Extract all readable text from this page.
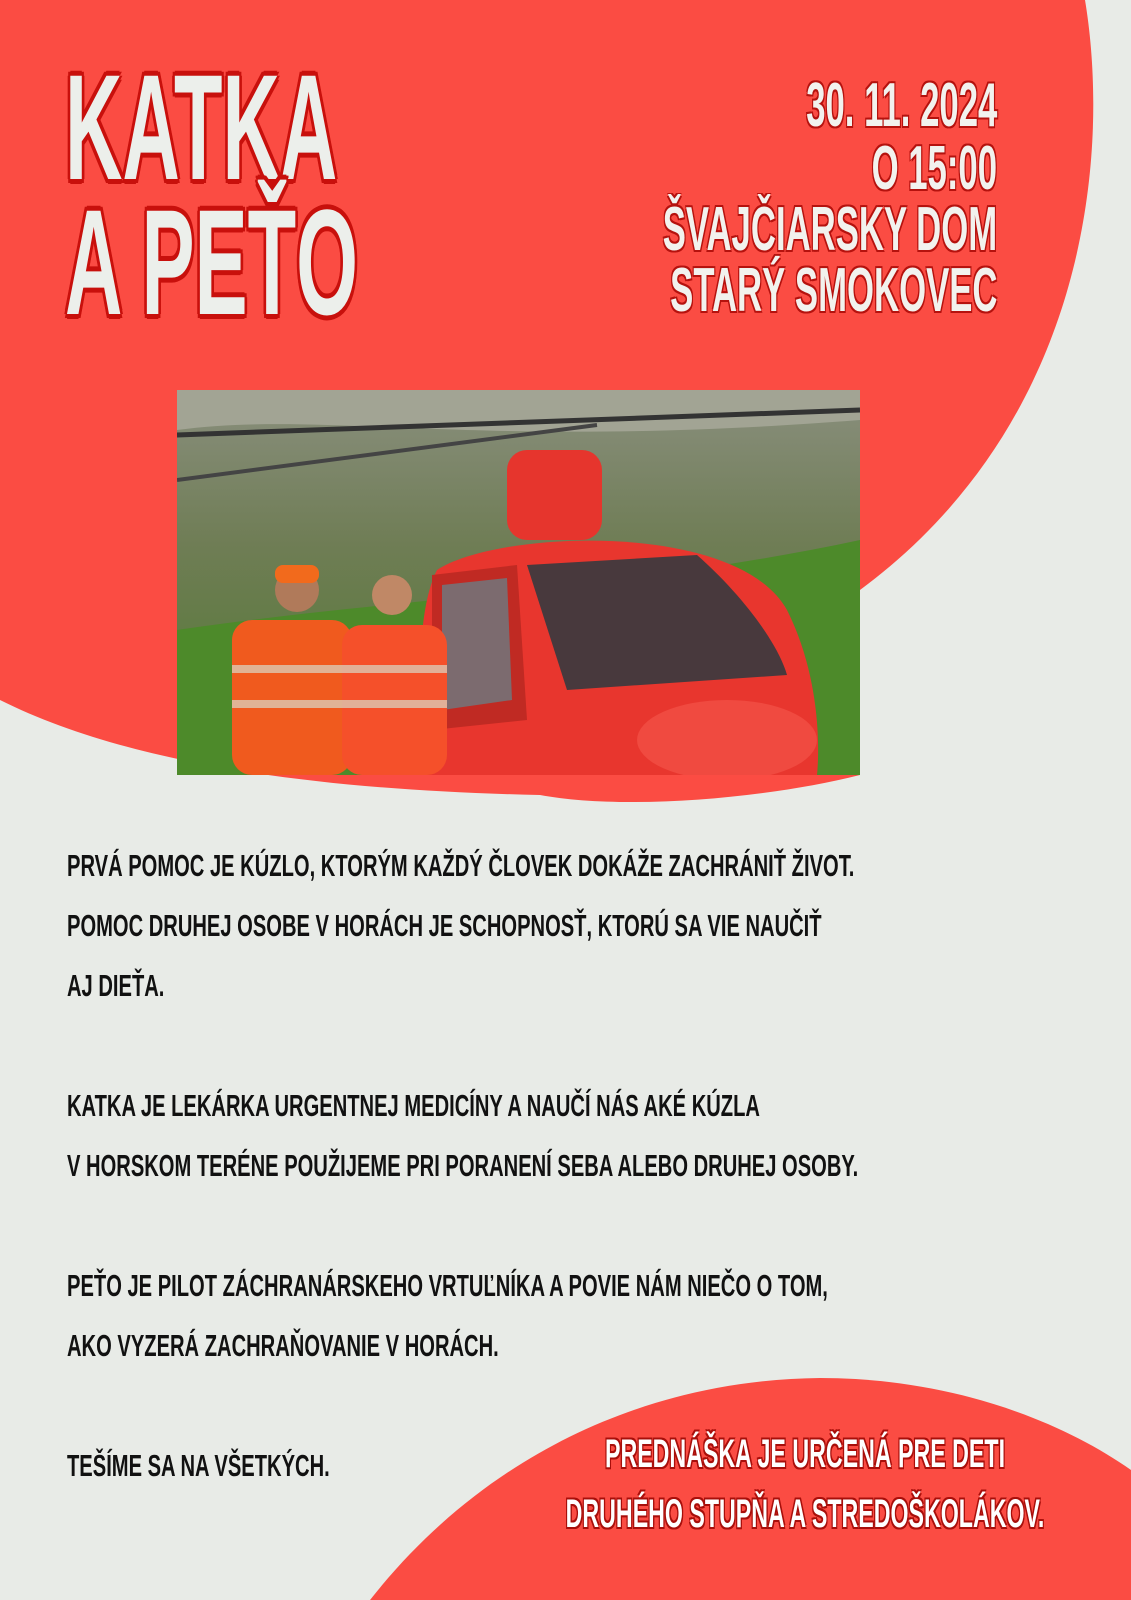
KATKA
A PEŤO
30. 11. 2024
O 15:00
ŠVAJČIARSKY DOM
STARÝ SMOKOVEC
PRVÁ POMOC JE KÚZLO, KTORÝM KAŽDÝ ČLOVEK DOKÁŽE ZACHRÁNIŤ ŽIVOT.
POMOC DRUHEJ OSOBE V HORÁCH JE SCHOPNOSŤ, KTORÚ SA VIE NAUČIŤ
AJ DIEŤA.
KATKA JE LEKÁRKA URGENTNEJ MEDICÍNY A NAUČÍ NÁS AKÉ KÚZLA
V HORSKOM TERÉNE POUŽIJEME PRI PORANENÍ SEBA ALEBO DRUHEJ OSOBY.
PEŤO JE PILOT ZÁCHRANÁRSKEHO VRTUĽNÍKA A POVIE NÁM NIEČO O TOM,
AKO VYZERÁ ZACHRAŇOVANIE V HORÁCH.
TEŠÍME SA NA VŠETKÝCH.	PREDNÁŠKA JE URČENÁ PRE DETI
DRUHÉHO STUPŇA A STREDOŠKOLÁKOV.
